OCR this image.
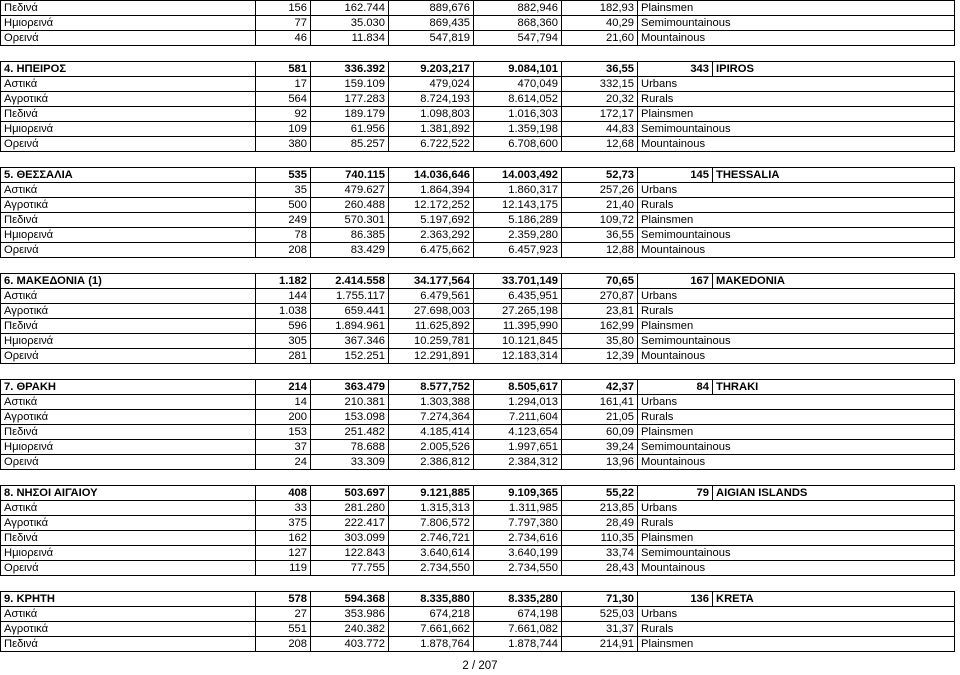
Πεδινά	156	162.744	889,676	882,946	182,93	Plainsmen	
Ημιορεινά	77	35.030	869,435	868,360	40,29	Semimountainous	
Ορεινά	46	11.834	547,819	547,794	21,60	Mountainous	

4. ΗΠΕΙΡΟΣ	581	336.392	9.203,217	9.084,101	36,55	343	IPIROS
Αστικά	17	159.109	479,024	470,049	332,15	Urbans	
Αγροτικά	564	177.283	8.724,193	8.614,052	20,32	Rurals	
Πεδινά	92	189.179	1.098,803	1.016,303	172,17	Plainsmen	
Ημιορεινά	109	61.956	1.381,892	1.359,198	44,83	Semimountainous	
Ορεινά	380	85.257	6.722,522	6.708,600	12,68	Mountainous	

5. ΘΕΣΣΑΛΙΑ	535	740.115	14.036,646	14.003,492	52,73	145	THESSALIA
Αστικά	35	479.627	1.864,394	1.860,317	257,26	Urbans	
Αγροτικά	500	260.488	12.172,252	12.143,175	21,40	Rurals	
Πεδινά	249	570.301	5.197,692	5.186,289	109,72	Plainsmen	
Ημιορεινά	78	86.385	2.363,292	2.359,280	36,55	Semimountainous	
Ορεινά	208	83.429	6.475,662	6.457,923	12,88	Mountainous	

6. ΜΑΚΕΔΟΝΙΑ (1)	1.182	2.414.558	34.177,564	33.701,149	70,65	167	MAKEDONIA
Αστικά	144	1.755.117	6.479,561	6.435,951	270,87	Urbans	
Αγροτικά	1.038	659.441	27.698,003	27.265,198	23,81	Rurals	
Πεδινά	596	1.894.961	11.625,892	11.395,990	162,99	Plainsmen	
Ημιορεινά	305	367.346	10.259,781	10.121,845	35,80	Semimountainous	
Ορεινά	281	152.251	12.291,891	12.183,314	12,39	Mountainous	

7. ΘΡΑΚΗ	214	363.479	8.577,752	8.505,617	42,37	84	THRAKI
Αστικά	14	210.381	1.303,388	1.294,013	161,41	Urbans	
Αγροτικά	200	153.098	7.274,364	7.211,604	21,05	Rurals	
Πεδινά	153	251.482	4.185,414	4.123,654	60,09	Plainsmen	
Ημιορεινά	37	78.688	2.005,526	1.997,651	39,24	Semimountainous	
Ορεινά	24	33.309	2.386,812	2.384,312	13,96	Mountainous	

8. ΝΗΣΟΙ ΑΙΓΑΙΟΥ	408	503.697	9.121,885	9.109,365	55,22	79	AIGIAN ISLANDS
Αστικά	33	281.280	1.315,313	1.311,985	213,85	Urbans	
Αγροτικά	375	222.417	7.806,572	7.797,380	28,49	Rurals	
Πεδινά	162	303.099	2.746,721	2.734,616	110,35	Plainsmen	
Ημιορεινά	127	122.843	3.640,614	3.640,199	33,74	Semimountainous	
Ορεινά	119	77.755	2.734,550	2.734,550	28,43	Mountainous	

9. ΚΡΗΤΗ	578	594.368	8.335,880	8.335,280	71,30	136	KRETA
Αστικά	27	353.986	674,218	674,198	525,03	Urbans	
Αγροτικά	551	240.382	7.661,662	7.661,082	31,37	Rurals	
Πεδινά	208	403.772	1.878,764	1.878,744	214,91	Plainsmen	
2 / 207
